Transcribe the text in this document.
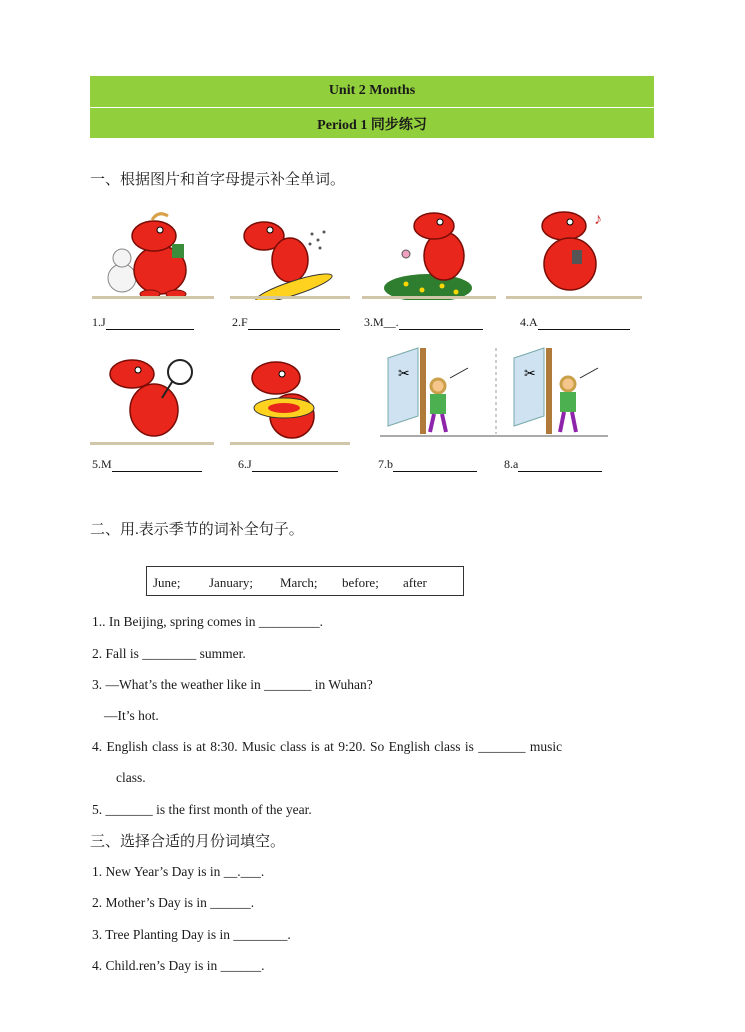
Unit 2 Months
Period 1 同步练习
一、根据图片和首字母提示补全单词。
♪
1.J	2.F	3.M__.	4.A
✂	✂
5.M	6.J	7.b	8.a
二、用.表示季节的词补全句子。
June; January; March; before; after
1.. In Beijing, spring comes in _________.
2. Fall is ________ summer.
3. —What’s the weather like in _______ in Wuhan?
—It’s hot.
4. English class is at 8:30. Music class is at 9:20. So English class is _______ music
class.
5. _______ is the first month of the year.
三、选择合适的月份词填空。
1. New Year’s Day is in __.___.
2. Mother’s Day is in ______.
3. Tree Planting Day is in ________.
4. Child.ren’s Day is in ______.
